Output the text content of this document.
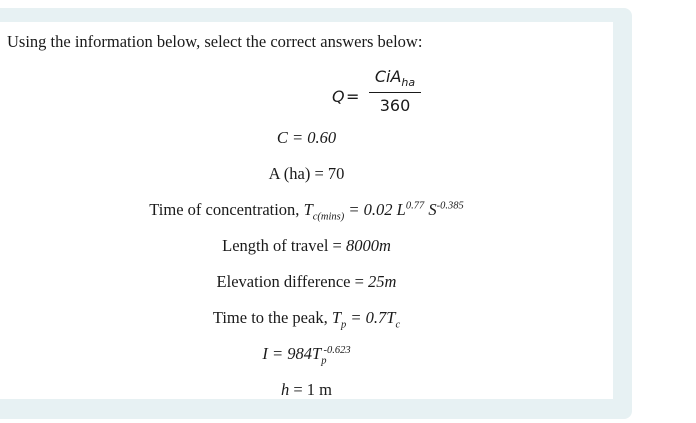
Using the information below, select the correct answers below:
Q =
CiA$_{ha}$
360
C = 0.60
A (ha) = 70
Time of concentration, $T_{c(mins)} = 0.02$ $L^{0.77}$ $S^{-0.385}$
Length of travel = 8000m
Elevation difference = 25m
Time to the peak, $T_p = 0.7T_c$
$I = 984T_p^{-0.623}$
h = 1 m
